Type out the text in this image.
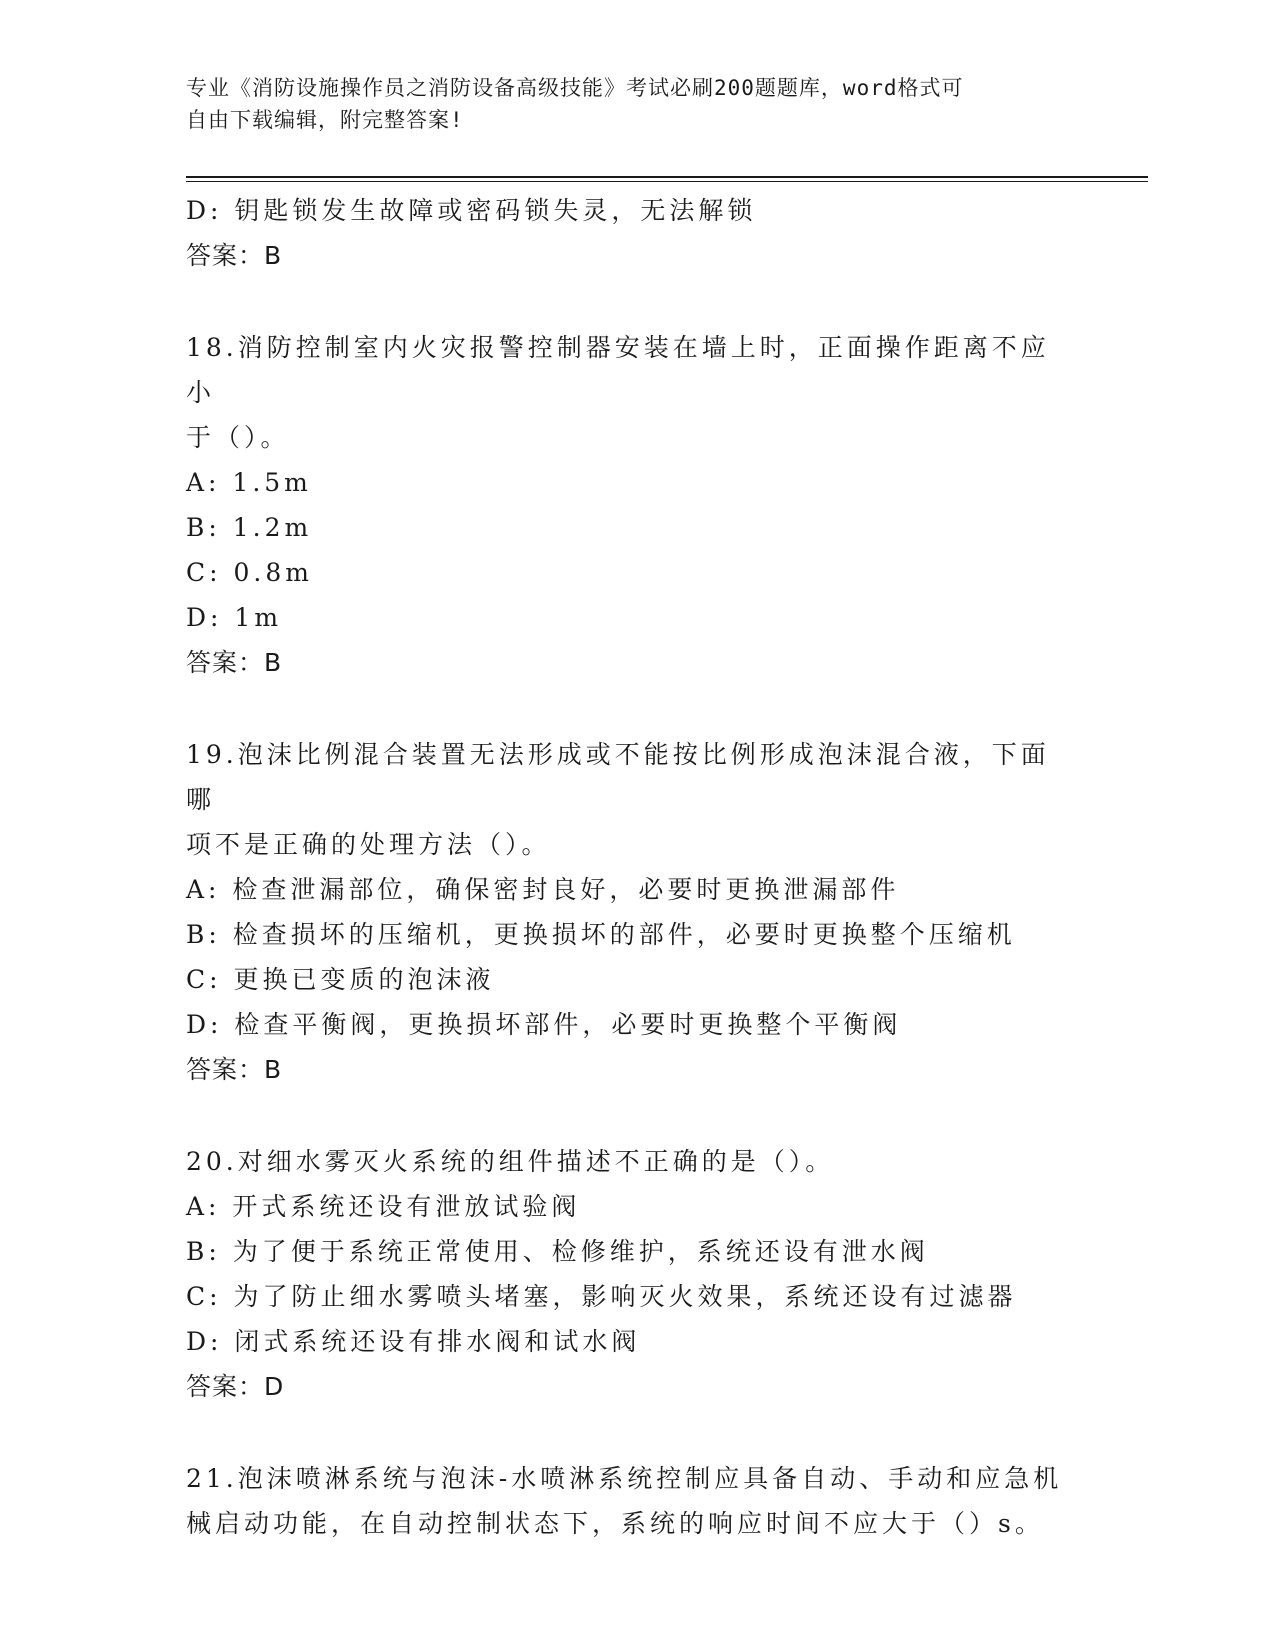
专业《消防设施操作员之消防设备高级技能》考试必刷200题题库，word格式可
自由下载编辑，附完整答案!
D: 钥匙锁发生故障或密码锁失灵，无法解锁
答案：B
18.消防控制室内火灾报警控制器安装在墙上时，正面操作距离不应小
于（）。
A: 1.5m
B: 1.2m
C: 0.8m
D: 1m
答案：B
19.泡沫比例混合装置无法形成或不能按比例形成泡沫混合液，下面哪
项不是正确的处理方法（）。
A: 检查泄漏部位，确保密封良好，必要时更换泄漏部件
B: 检查损坏的压缩机，更换损坏的部件，必要时更换整个压缩机
C: 更换已变质的泡沫液
D: 检查平衡阀，更换损坏部件，必要时更换整个平衡阀
答案：B
20.对细水雾灭火系统的组件描述不正确的是（）。
A: 开式系统还设有泄放试验阀
B: 为了便于系统正常使用、检修维护，系统还设有泄水阀
C: 为了防止细水雾喷头堵塞，影响灭火效果，系统还设有过滤器
D: 闭式系统还设有排水阀和试水阀
答案：D
21.泡沫喷淋系统与泡沫-水喷淋系统控制应具备自动、手动和应急机
械启动功能，在自动控制状态下，系统的响应时间不应大于（）s。
